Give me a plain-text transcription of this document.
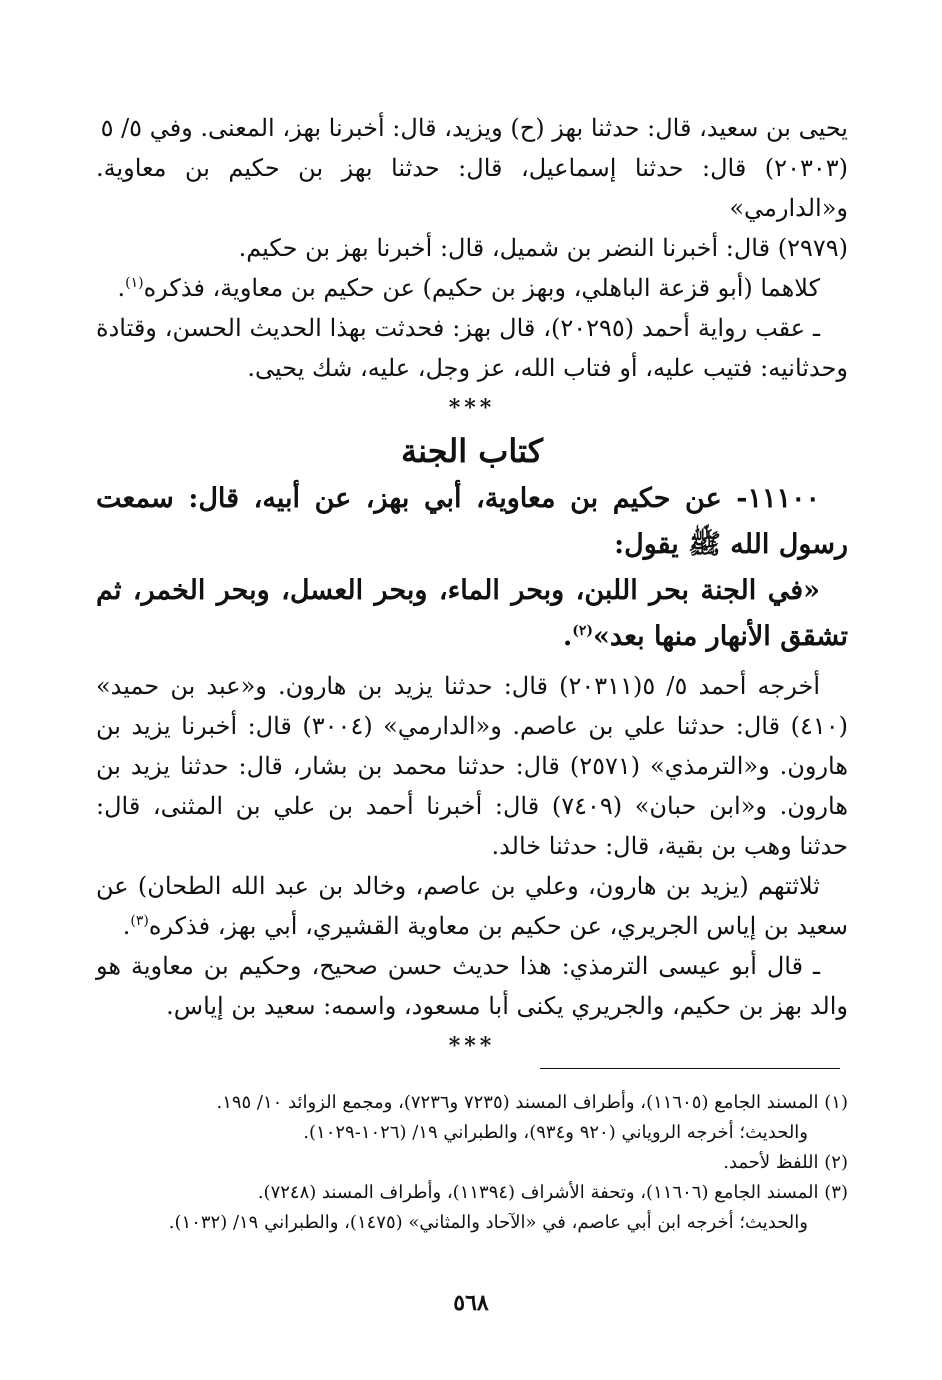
يحيى بن سعيد، قال: حدثنا بهز (ح) ويزيد، قال: أخبرنا بهز، المعنى. وفي ٥/ ٥
(٢٠٣٠٣) قال: حدثنا إسماعيل، قال: حدثنا بهز بن حكيم بن معاوية. و«الدارمي»
(٢٩٧٩) قال: أخبرنا النضر بن شميل، قال: أخبرنا بهز بن حكيم.

كلاهما (أبو قزعة الباهلي، وبهز بن حكيم) عن حكيم بن معاوية، فذكره$^{(١)}$.

ـ عقب رواية أحمد (٢٠٢٩٥)، قال بهز: فحدثت بهذا الحديث الحسن، وقتادة وحدثانيه: فتيب عليه، أو فتاب الله، عز وجل، عليه، شك يحيى.

***
كتاب الجنة

١١١٠٠- عن حكيم بن معاوية، أبي بهز، عن أبيه، قال: سمعت رسول الله ﷺ يقول:

«في الجنة بحر اللبن، وبحر الماء، وبحر العسل، وبحر الخمر، ثم تشقق الأنهار منها بعد»$^{(٢)}$.

أخرجه أحمد ٥/ ٥(٢٠٣١١) قال: حدثنا يزيد بن هارون. و«عبد بن حميد» (٤١٠) قال: حدثنا علي بن عاصم. و«الدارمي» (٣٠٠٤) قال: أخبرنا يزيد بن هارون. و«الترمذي» (٢٥٧١) قال: حدثنا محمد بن بشار، قال: حدثنا يزيد بن هارون. و«ابن حبان» (٧٤٠٩) قال: أخبرنا أحمد بن علي بن المثنى، قال: حدثنا وهب بن بقية، قال: حدثنا خالد.

ثلاثتهم (يزيد بن هارون، وعلي بن عاصم، وخالد بن عبد الله الطحان) عن سعيد بن إياس الجريري، عن حكيم بن معاوية القشيري، أبي بهز، فذكره$^{(٣)}$.

ـ قال أبو عيسى الترمذي: هذا حديث حسن صحيح، وحكيم بن معاوية هو والد بهز بن حكيم، والجريري يكنى أبا مسعود، واسمه: سعيد بن إياس.

***

(١) المسند الجامع (١١٦٠٥)، وأطراف المسند (٧٢٣٥ و٧٢٣٦)، ومجمع الزوائد ١٠/ ١٩٥.

والحديث؛ أخرجه الروياني (٩٢٠ و٩٣٤)، والطبراني ١٩/ (١٠٢٦-١٠٢٩).

(٢) اللفظ لأحمد.

(٣) المسند الجامع (١١٦٠٦)، وتحفة الأشراف (١١٣٩٤)، وأطراف المسند (٧٢٤٨).

والحديث؛ أخرجه ابن أبي عاصم، في «الآحاد والمثاني» (١٤٧٥)، والطبراني ١٩/ (١٠٣٢).

٥٦٨
